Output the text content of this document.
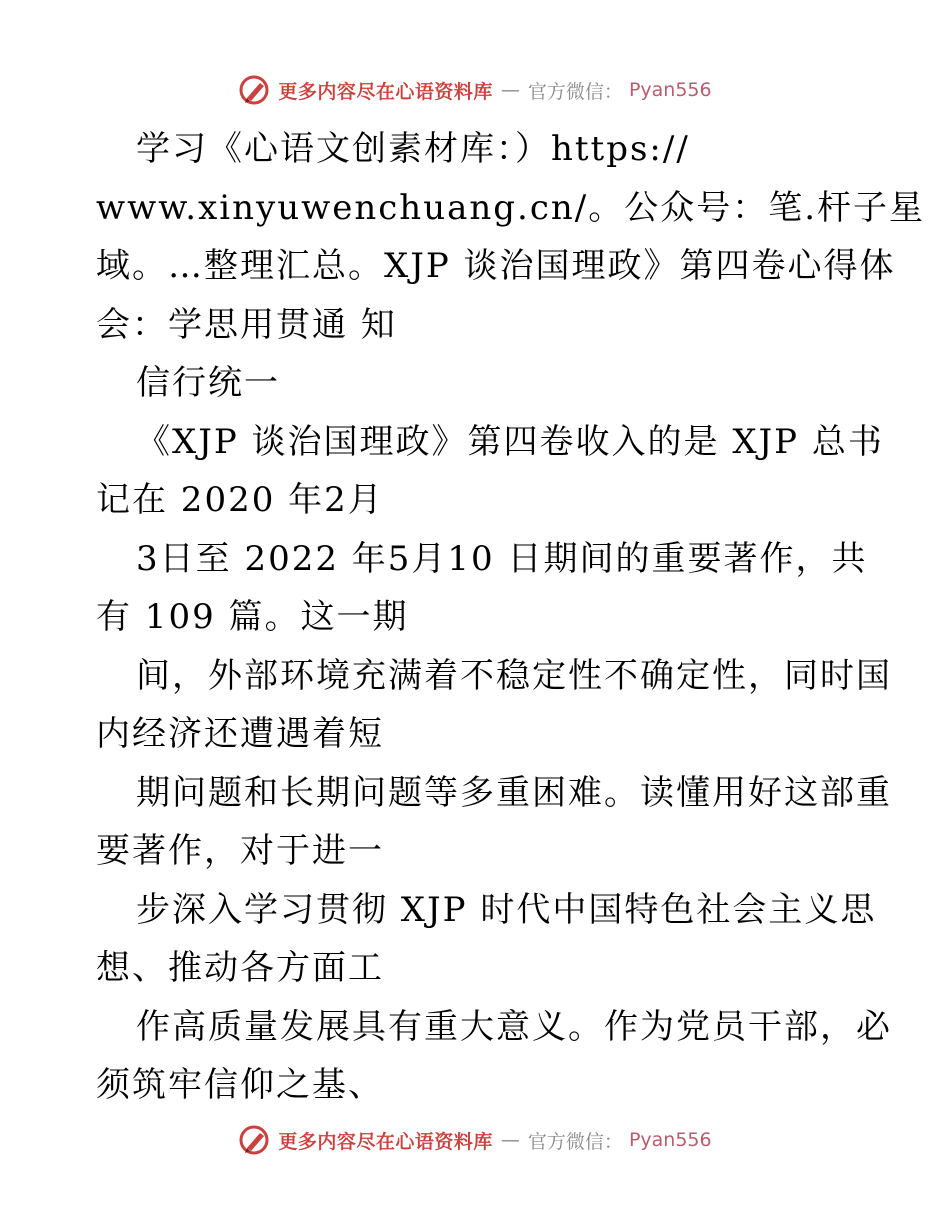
更多内容尽在心语资料库 — 官方微信： Pyan556
学习《心语文创素材库：）https://
www.xinyuwenchuang.cn/。公众号：笔.杆子星
域。…整理汇总。XJP 谈治国理政》第四卷心得体
会：学思用贯通 知
信行统一
《XJP 谈治国理政》第四卷收入的是 XJP 总书
记在 2020 年2月
3日至 2022 年5月10 日期间的重要著作，共
有 109 篇。这一期
间，外部环境充满着不稳定性不确定性，同时国
内经济还遭遇着短
期问题和长期问题等多重困难。读懂用好这部重
要著作，对于进一
步深入学习贯彻 XJP 时代中国特色社会主义思
想、推动各方面工
作高质量发展具有重大意义。作为党员干部，必
须筑牢信仰之基、
更多内容尽在心语资料库 — 官方微信： Pyan556
